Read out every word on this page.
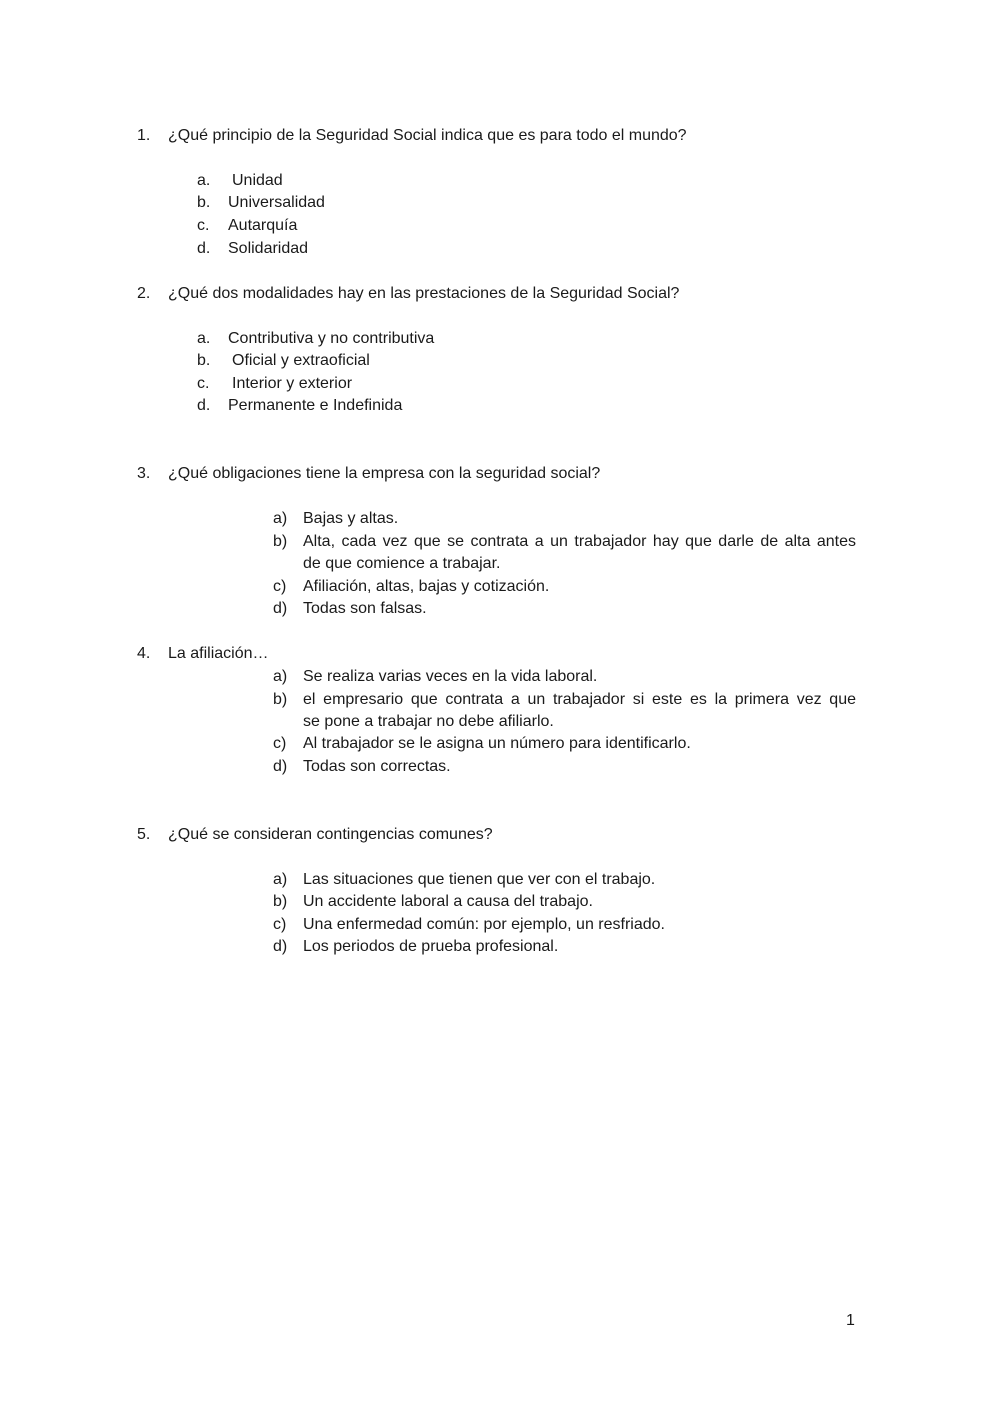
1. ¿Qué principio de la Seguridad Social indica que es para todo el mundo?
a. Unidad
b. Universalidad
c. Autarquía
d. Solidaridad
2. ¿Qué dos modalidades hay en las prestaciones de la Seguridad Social?
a. Contributiva y no contributiva
b. Oficial y extraoficial
c. Interior y exterior
d. Permanente e Indefinida
3. ¿Qué obligaciones tiene la empresa con la seguridad social?
a) Bajas y altas.
b) Alta, cada vez que se contrata a un trabajador hay que darle de alta antes
de que comience a trabajar.
c) Afiliación, altas, bajas y cotización.
d) Todas son falsas.
4. La afiliación…
a) Se realiza varias veces en la vida laboral.
b) el empresario que contrata a un trabajador si este es la primera vez que
se pone a trabajar no debe afiliarlo.
c) Al trabajador se le asigna un número para identificarlo.
d) Todas son correctas.
5. ¿Qué se consideran contingencias comunes?
a) Las situaciones que tienen que ver con el trabajo.
b) Un accidente laboral a causa del trabajo.
c) Una enfermedad común: por ejemplo, un resfriado.
d) Los periodos de prueba profesional.
1
